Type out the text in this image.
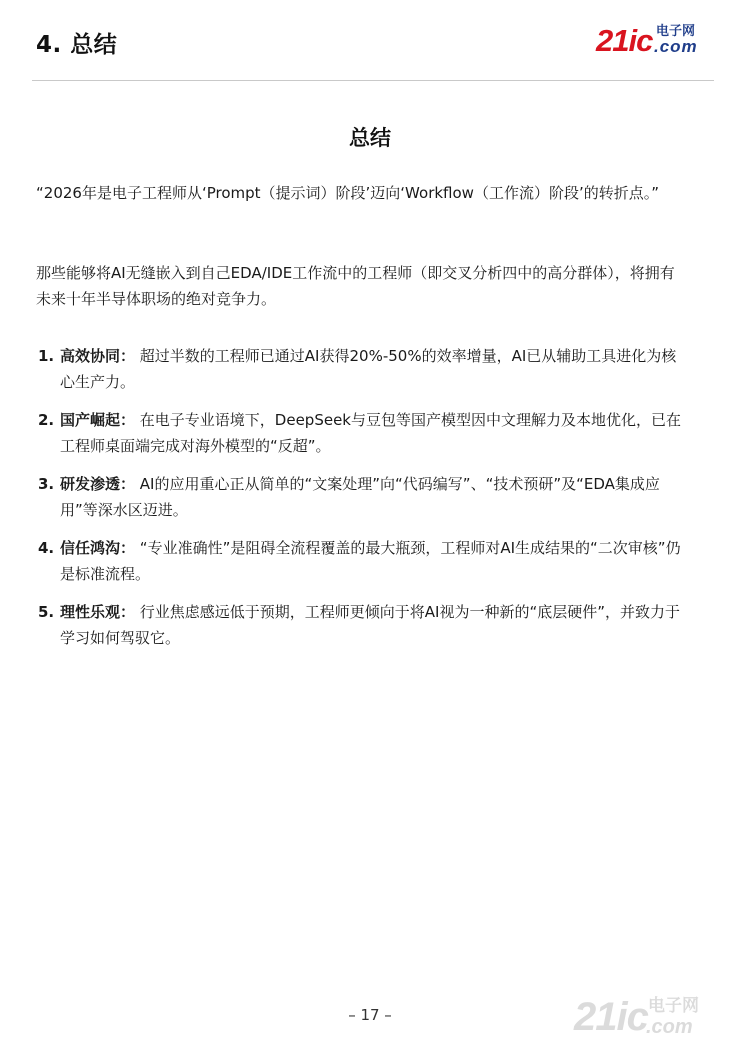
4. 总结	21ic 电子网
.com
总结

“2026年是电子工程师从‘Prompt（提示词）阶段’迈向‘Workflow（工作流）阶段’的转折点。”

那些能够将AI无缝嵌入到自己EDA/IDE工作流中的工程师（即交叉分析四中的高分群体），将拥有未来十年半导体职场的绝对竞争力。

1. 高效协同： 超过半数的工程师已通过AI获得20%-50%的效率增量，AI已从辅助工具进化为核心生产力。
2. 国产崛起： 在电子专业语境下，DeepSeek与豆包等国产模型因中文理解力及本地优化，已在工程师桌面端完成对海外模型的“反超”。
3. 研发渗透： AI的应用重心正从简单的“文案处理”向“代码编写”、“技术预研”及“EDA集成应用”等深水区迈进。
4. 信任鸿沟： “专业准确性”是阻碍全流程覆盖的最大瓶颈，工程师对AI生成结果的“二次审核”仍是标准流程。
5. 理性乐观： 行业焦虑感远低于预期，工程师更倾向于将AI视为一种新的“底层硬件”，并致力于学习如何驾驭它。
– 17 –	21ic 电子网
.com
